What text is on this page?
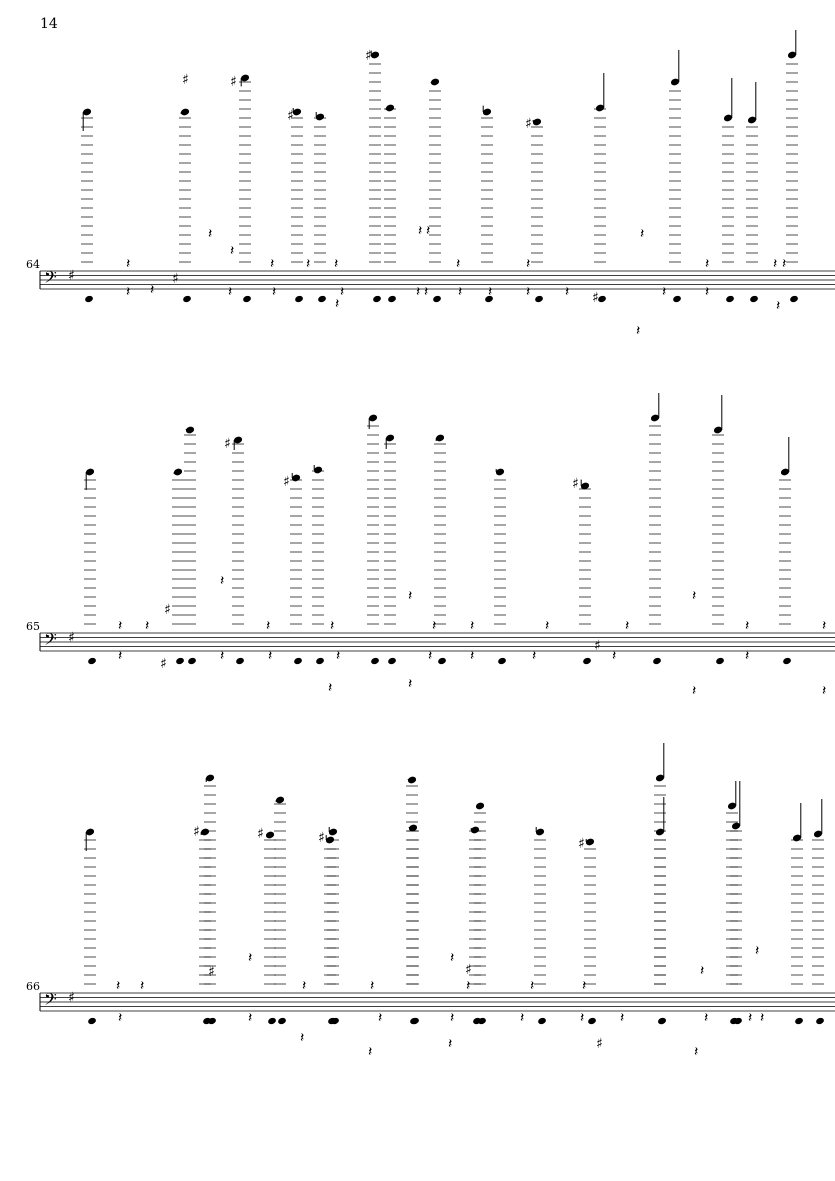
14
64
65
66
𝄢 ♯
𝄽
𝄽
𝄽
𝄽 𝄽 𝄽
𝄽 𝄽
𝄽	𝄽
𝄽
𝄽	𝄽 𝄽
𝄽 𝄽	𝄽	𝄽	𝄽	𝄽 𝄽 𝄽 𝄽 𝄽 𝄽	𝄽	𝄽
𝄽
𝄽
𝄽
♯	♯
♯
♯
♯
♯
♯
𝄢 ♯
𝄽 𝄽
𝄽
𝄽	𝄽
𝄽
𝄽 𝄽	𝄽	𝄽
𝄽
𝄽	𝄽
𝄽	𝄽	𝄽	𝄽
𝄽
𝄽	𝄽	𝄽	𝄽
𝄽
𝄽
𝄽
𝄽
♯
♯
♯
♯
♯
♯
𝄢 ♯
𝄽 𝄽
𝄽
𝄽	𝄽
𝄽
𝄽	𝄽	𝄽
𝄽
𝄽
𝄽	𝄽
𝄽
𝄽	𝄽	𝄽	𝄽	𝄽	𝄽	𝄽 𝄽
𝄽	𝄽	𝄽
♯	♯	♯	♯
♯
♯
♯
